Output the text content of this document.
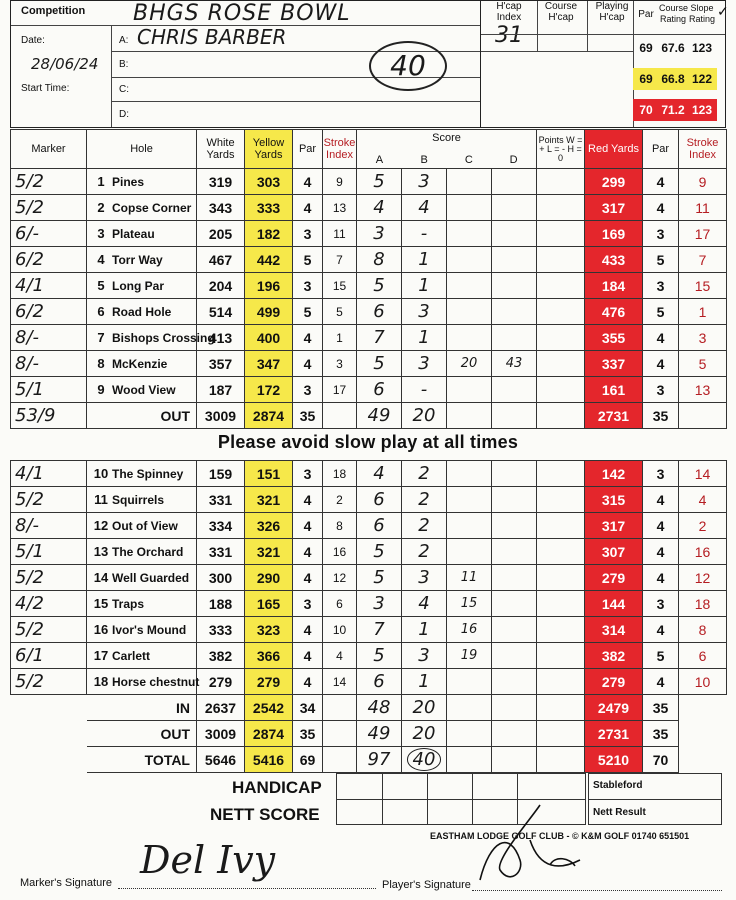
Competition BHGS ROSE BOWL
Date:
28/06/24
Start Time:
A: CHRIS BARBER
B:
C:
D:
40
H'cap Index
31
Course H'cap
Playing H'cap	Par
Course Rating
Slope Rating ✓
69 67.6 123
69 66.8 122
70 71.2 123
Marker	Hole	White Yards	Yellow Yards	Par	Stroke Index	Score
A B C D				Points W = + L = - H = 0	Red Yards	Par	Stroke Index
5/2	1 Pines	319	303	4	9	5	3				299	4	9
5/2	2 Copse Corner	343	333	4	13	4	4				317	4	11
6/-	3 Plateau	205	182	3	11	3	-				169	3	17
6/2	4 Torr Way	467	442	5	7	8	1				433	5	7
4/1	5 Long Par	204	196	3	15	5	1				184	3	15
6/2	6 Road Hole	514	499	5	5	6	3				476	5	1
8/-	7 Bishops Crossing	413	400	4	1	7	1				355	4	3
8/-	8 McKenzie	357	347	4	3	5	3	20	43		337	4	5
5/1	9 Wood View	187	172	3	17	6	-				161	3	13
53/9	OUT	3009	2874	35		49	20				2731	35	
Please avoid slow play at all times
4/1	10 The Spinney	159	151	3	18	4	2				142	3	14
5/2	11 Squirrels	331	321	4	2	6	2				315	4	4
8/-	12 Out of View	334	326	4	8	6	2				317	4	2
5/1	13 The Orchard	331	321	4	16	5	2				307	4	16
5/2	14 Well Guarded	300	290	4	12	5	3	11			279	4	12
4/2	15 Traps	188	165	3	6	3	4	15			144	3	18
5/2	16 Ivor's Mound	333	323	4	10	7	1	16			314	4	8
6/1	17 Carlett	382	366	4	4	5	3	19			382	5	6
5/2	18 Horse chestnut	279	279	4	14	6	1				279	4	10
	IN	2637	2542	34		48	20				2479	35	
	OUT	3009	2874	35		49	20				2731	35	
	TOTAL	5646	5416	69		97	40				5210	70	
HANDICAP
NETT SCORE
Stableford
Nett Result
EASTHAM LODGE GOLF CLUB - © K&M GOLF 01740 651501
Marker's Signature
Del Ivy
Player's Signature
